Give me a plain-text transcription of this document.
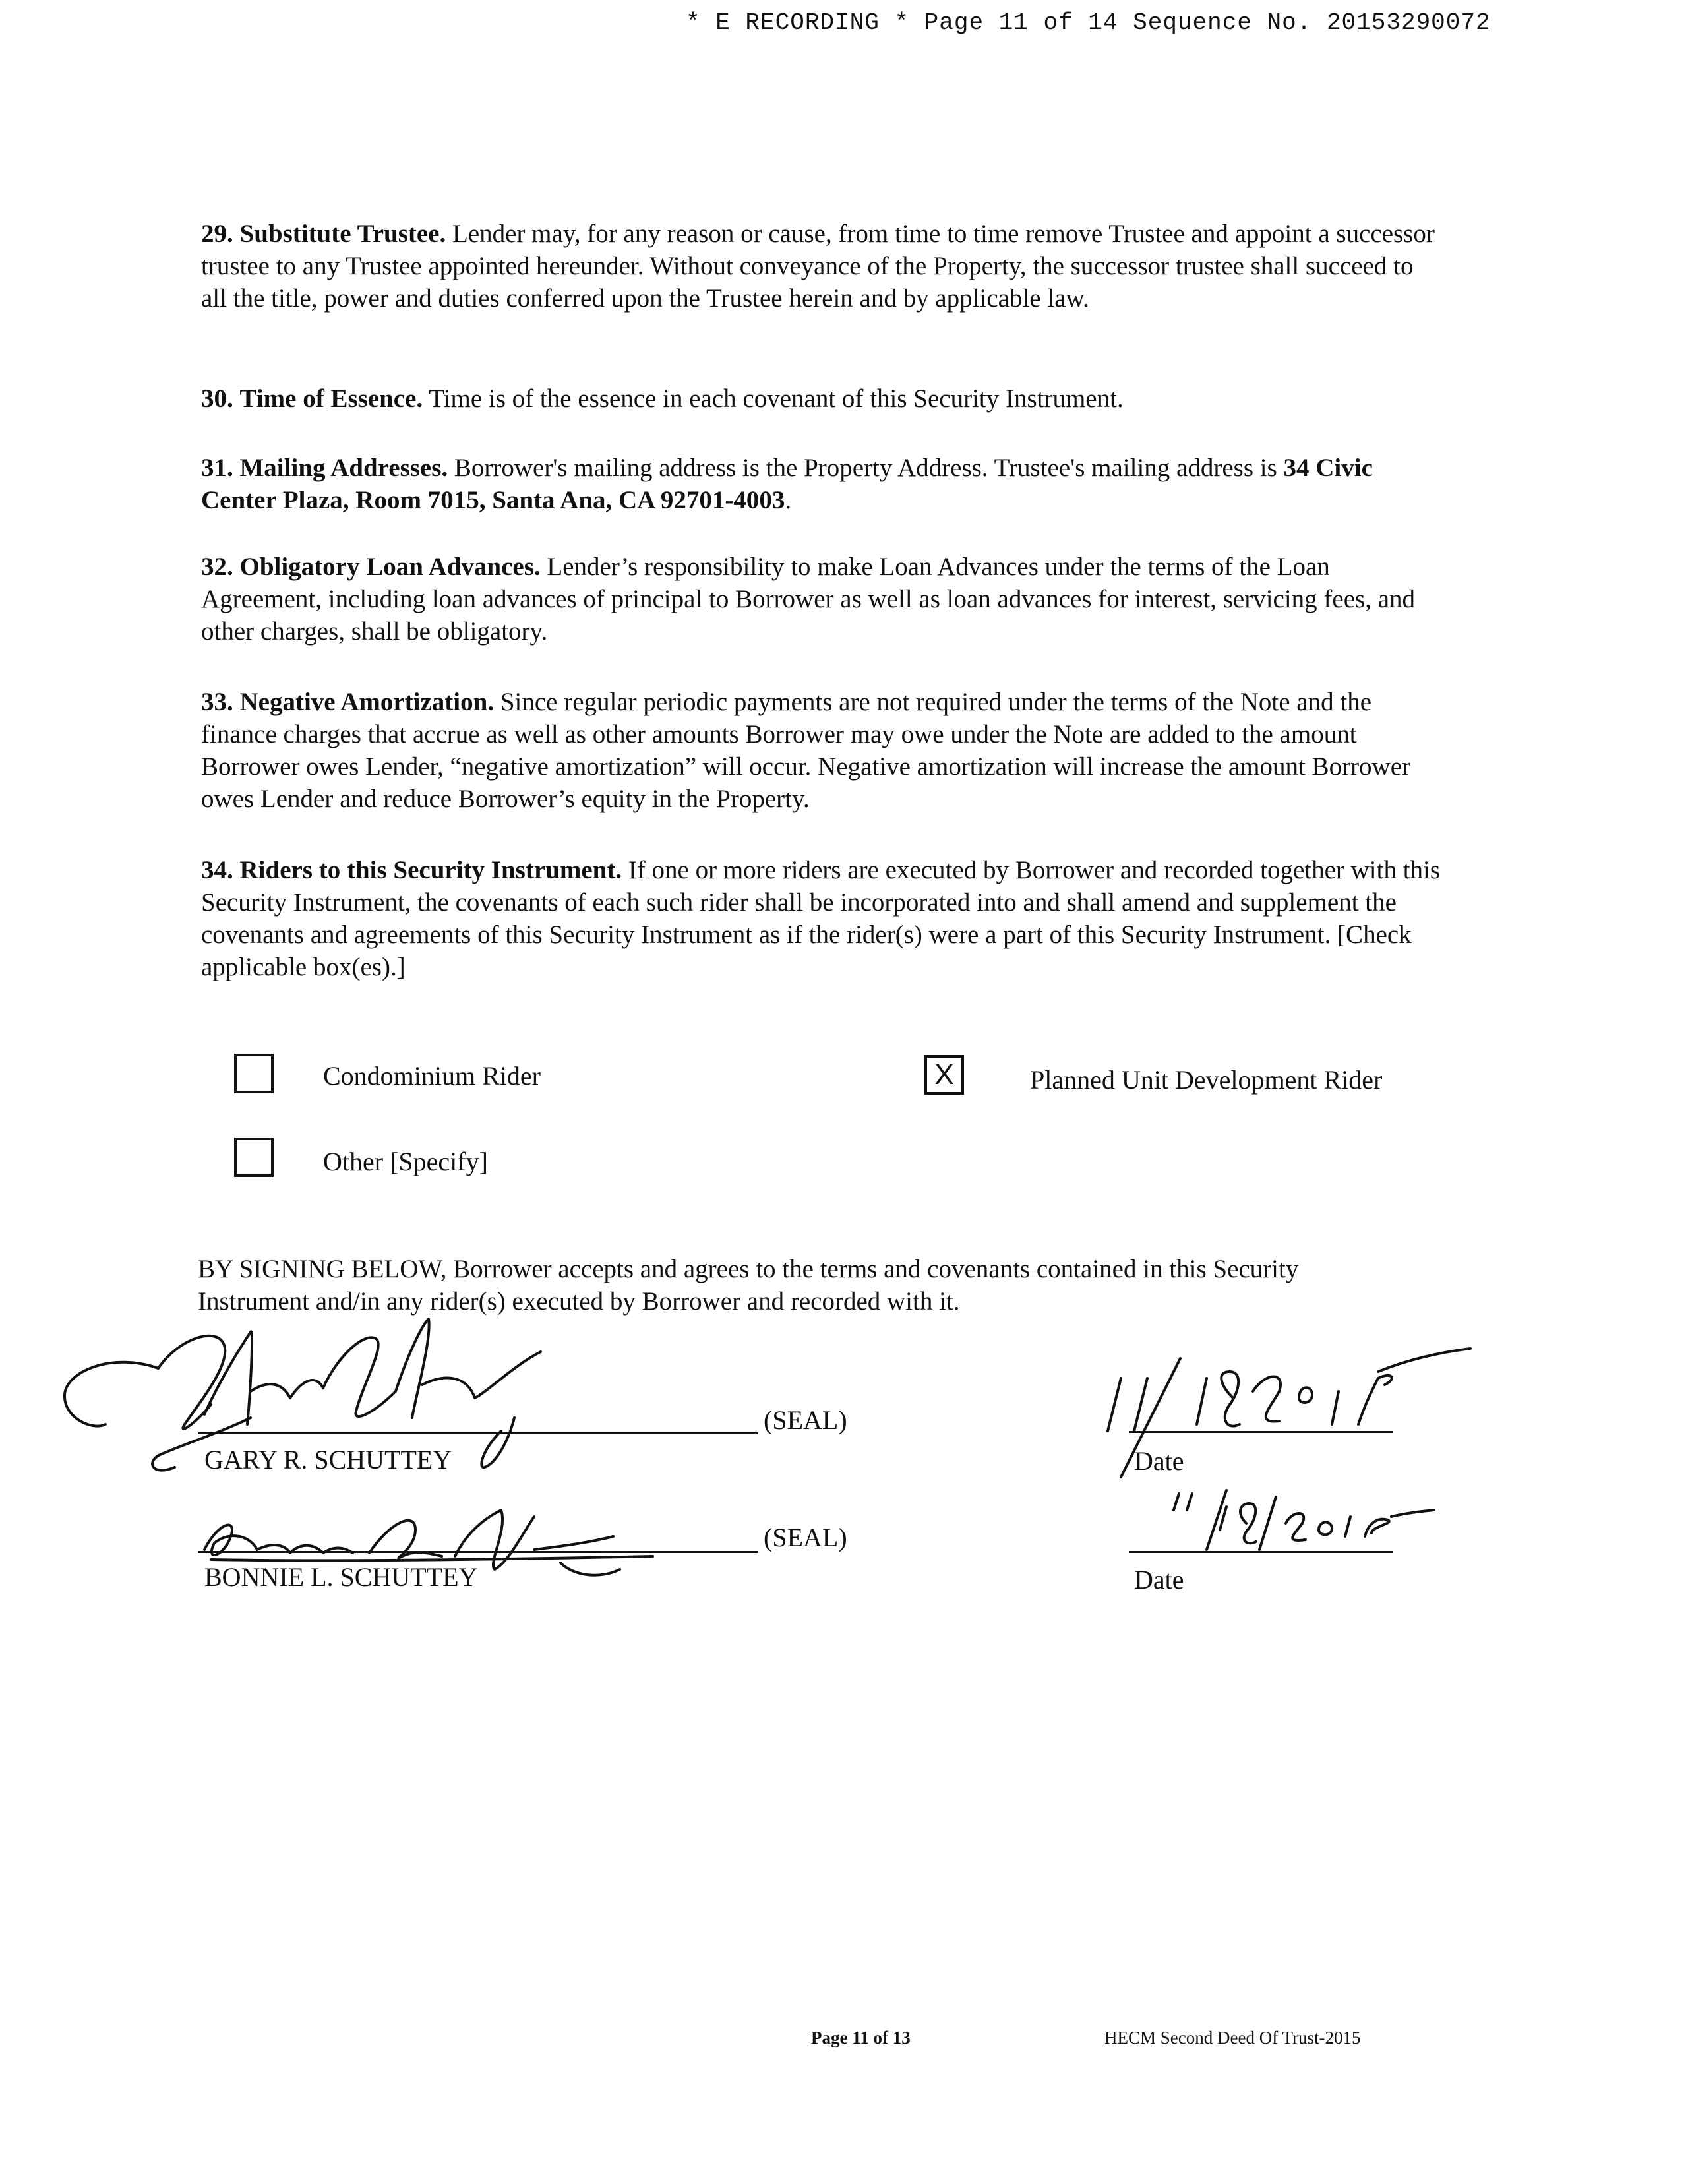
* E RECORDING * Page 11 of 14 Sequence No. 20153290072

29. Substitute Trustee. Lender may, for any reason or cause, from time to time remove Trustee and appoint a successor trustee to any Trustee appointed hereunder. Without conveyance of the Property, the successor trustee shall succeed to all the title, power and duties conferred upon the Trustee herein and by applicable law.

30. Time of Essence. Time is of the essence in each covenant of this Security Instrument.

31. Mailing Addresses. Borrower's mailing address is the Property Address. Trustee's mailing address is 34 Civic Center Plaza, Room 7015, Santa Ana, CA 92701-4003.

32. Obligatory Loan Advances. Lender’s responsibility to make Loan Advances under the terms of the Loan Agreement, including loan advances of principal to Borrower as well as loan advances for interest, servicing fees, and other charges, shall be obligatory.

33. Negative Amortization. Since regular periodic payments are not required under the terms of the Note and the finance charges that accrue as well as other amounts Borrower may owe under the Note are added to the amount Borrower owes Lender, “negative amortization” will occur. Negative amortization will increase the amount Borrower owes Lender and reduce Borrower’s equity in the Property.

34. Riders to this Security Instrument. If one or more riders are executed by Borrower and recorded together with this Security Instrument, the covenants of each such rider shall be incorporated into and shall amend and supplement the covenants and agreements of this Security Instrument as if the rider(s) were a part of this Security Instrument. [Check applicable box(es).]

Condominium Rider	X	Planned Unit Development Rider
Other [Specify]

BY SIGNING BELOW, Borrower accepts and agrees to the terms and covenants contained in this Security Instrument and/in any rider(s) executed by Borrower and recorded with it.

(SEAL)
GARY R. SCHUTTEY	Date
(SEAL)
BONNIE L. SCHUTTEY	Date
Page 11 of 13	HECM Second Deed Of Trust-2015
